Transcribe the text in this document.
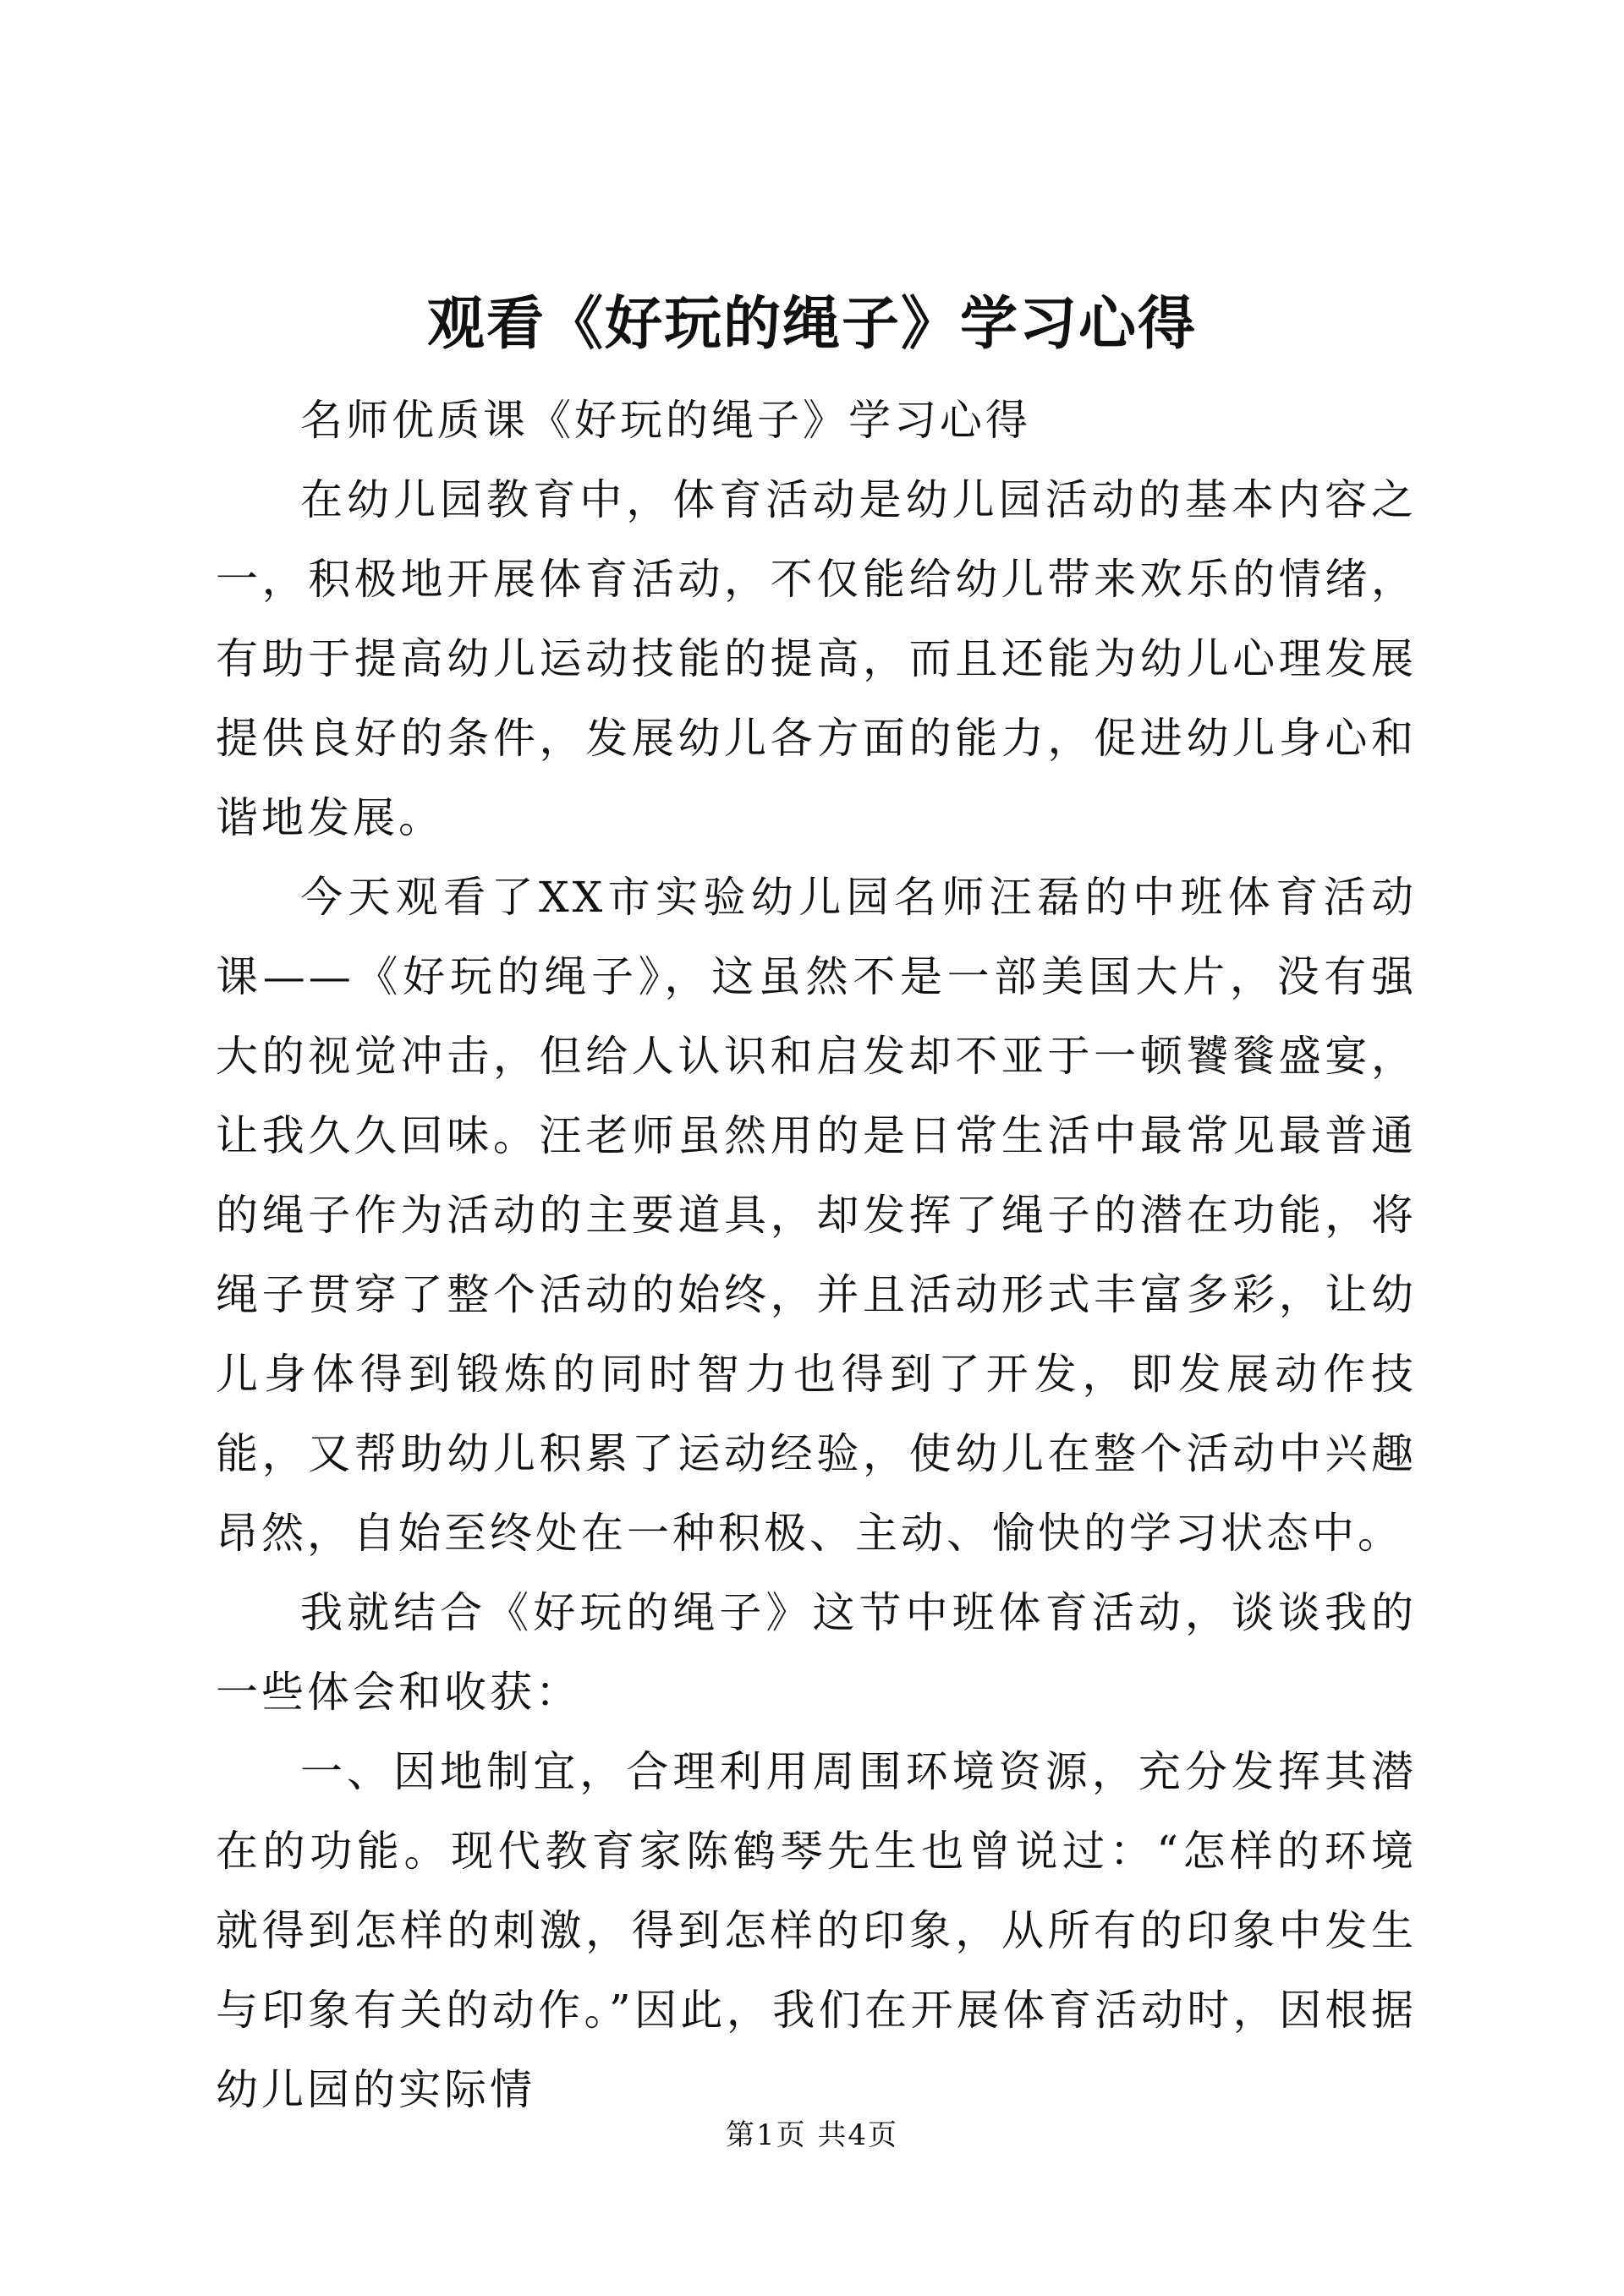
观看《好玩的绳子》学习心得

名师优质课《好玩的绳子》学习心得

在幼儿园教育中，体育活动是幼儿园活动的基本内容之一，积极地开展体育活动，不仅能给幼儿带来欢乐的情绪，有助于提高幼儿运动技能的提高，而且还能为幼儿心理发展提供良好的条件，发展幼儿各方面的能力，促进幼儿身心和谐地发展。

今天观看了XX市实验幼儿园名师汪磊的中班体育活动课——《好玩的绳子》，这虽然不是一部美国大片，没有强大的视觉冲击，但给人认识和启发却不亚于一顿饕餮盛宴，让我久久回味。汪老师虽然用的是日常生活中最常见最普通的绳子作为活动的主要道具，却发挥了绳子的潜在功能，将绳子贯穿了整个活动的始终，并且活动形式丰富多彩，让幼儿身体得到锻炼的同时智力也得到了开发，即发展动作技能，又帮助幼儿积累了运动经验，使幼儿在整个活动中兴趣昂然，自始至终处在一种积极、主动、愉快的学习状态中。

我就结合《好玩的绳子》这节中班体育活动，谈谈我的一些体会和收获：

一、因地制宜，合理利用周围环境资源，充分发挥其潜在的功能。现代教育家陈鹤琴先生也曾说过：“怎样的环境就得到怎样的刺激，得到怎样的印象，从所有的印象中发生与印象有关的动作。”因此，我们在开展体育活动时，因根据幼儿园的实际情

第1页 共4页
